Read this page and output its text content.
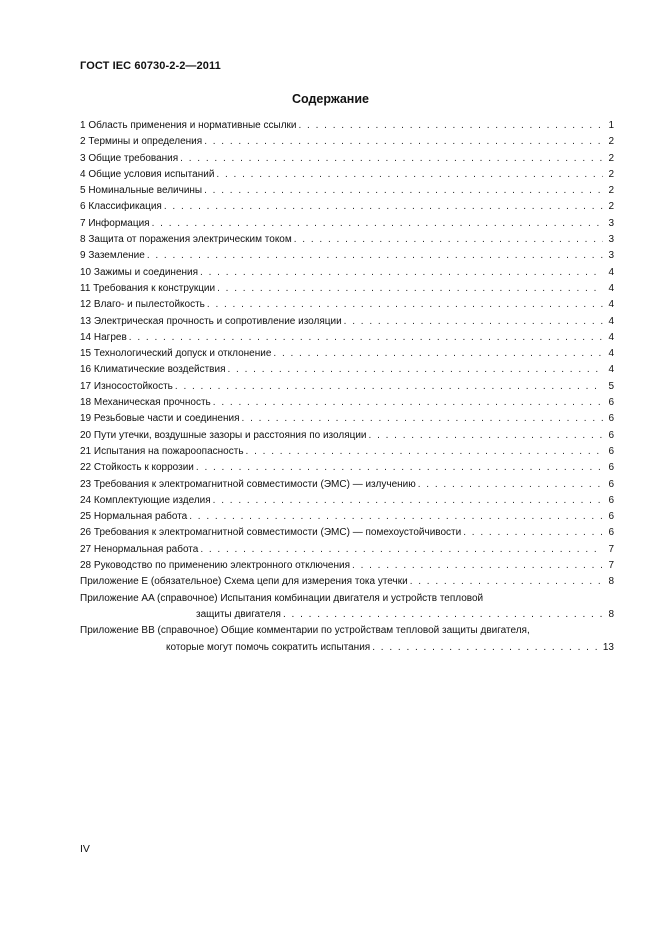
ГОСТ IEC 60730-2-2—2011
Содержание
1 Область применения и нормативные ссылки . . .	1
2 Термины и определения . . .	2
3 Общие требования . . .	2
4 Общие условия испытаний . . .	2
5 Номинальные величины . . .	2
6 Классификация . . .	2
7 Информация . . .	3
8 Защита от поражения электрическим током . . .	3
9 Заземление . . .	3
10 Зажимы и соединения . . .	4
11 Требования к конструкции . . .	4
12 Влаго- и пылестойкость . . .	4
13 Электрическая прочность и сопротивление изоляции . . .	4
14 Нагрев . . .	4
15 Технологический допуск и отклонение . . .	4
16 Климатические воздействия . . .	4
17 Износостойкость . . .	5
18 Механическая прочность . . .	6
19 Резьбовые части и соединения . . .	6
20 Пути утечки, воздушные зазоры и расстояния по изоляции . . .	6
21 Испытания на пожароопасность . . .	6
22 Стойкость к коррозии . . .	6
23 Требования к электромагнитной совместимости (ЭМС) — излучению . . .	6
24 Комплектующие изделия . . .	6
25 Нормальная работа . . .	6
26 Требования к электромагнитной совместимости (ЭМС) — помехоустойчивости . . .	6
27 Ненормальная работа . . .	7
28 Руководство по применению электронного отключения . . .	7
Приложение E (обязательное) Схема цепи для измерения тока утечки . . .	8
Приложение AA (справочное) Испытания комбинации двигателя и устройств тепловой
защиты двигателя . . .	8
Приложение BB (справочное) Общие комментарии по устройствам тепловой защиты двигателя,
которые могут помочь сократить испытания . . .	13
IV
